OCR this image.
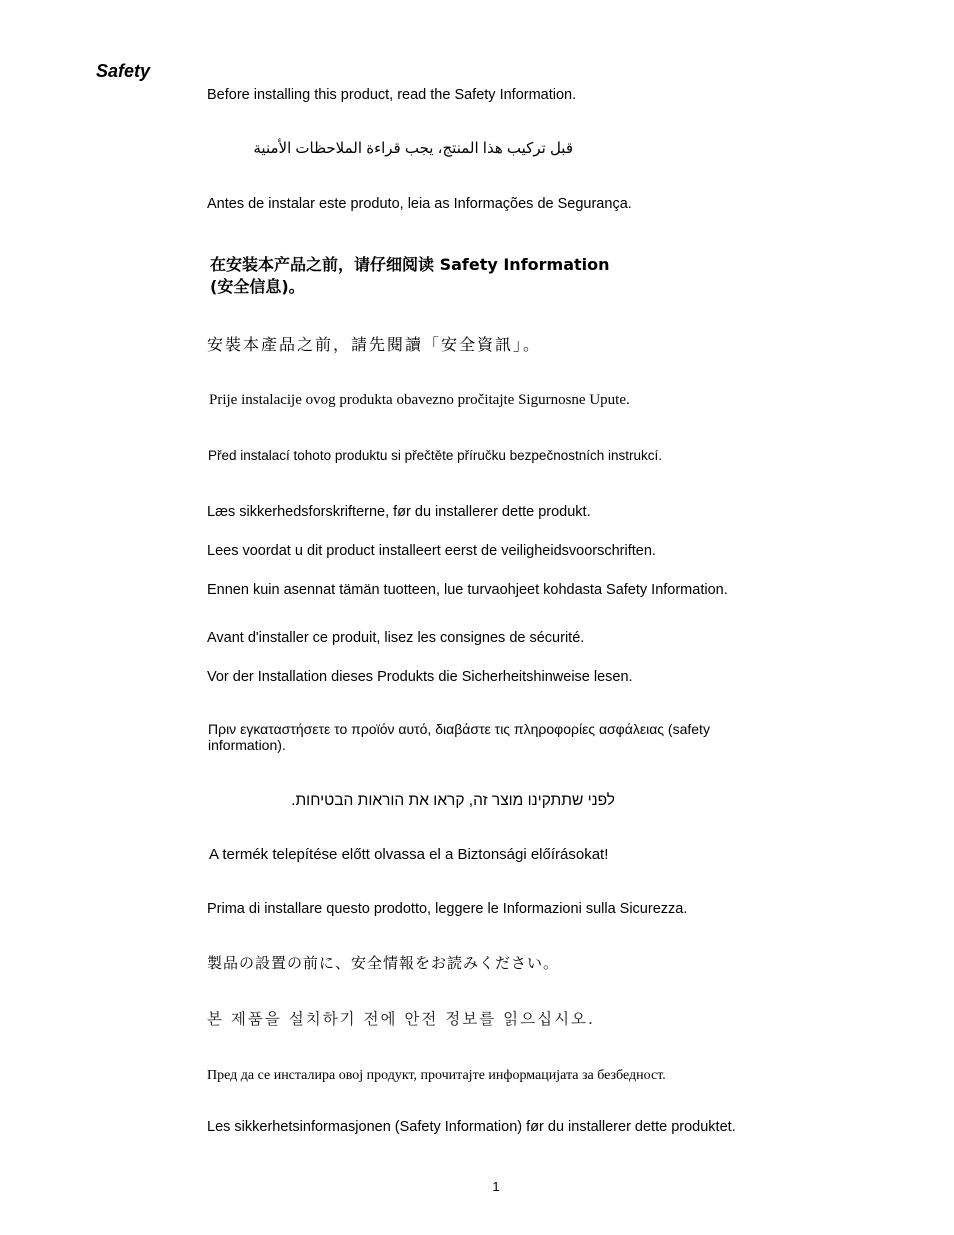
Safety

Before installing this product, read the Safety Information.

قبل تركيب هذا المنتج، يجب قراءة الملاحظات الأمنية

Antes de instalar este produto, leia as Informações de Segurança.

在安装本产品之前，请仔细阅读 Safety Information (安全信息)。

安裝本產品之前，請先閱讀「安全資訊」。

Prije instalacije ovog produkta obavezno pročitajte Sigurnosne Upute.

Před instalací tohoto produktu si přečtěte příručku bezpečnostních instrukcí.

Læs sikkerhedsforskrifterne, før du installerer dette produkt.

Lees voordat u dit product installeert eerst de veiligheidsvoorschriften.

Ennen kuin asennat tämän tuotteen, lue turvaohjeet kohdasta Safety Information.

Avant d'installer ce produit, lisez les consignes de sécurité.

Vor der Installation dieses Produkts die Sicherheitshinweise lesen.

Πριν εγκαταστήσετε το προϊόν αυτό, διαβάστε τις πληροφορίες ασφάλειας (safety information).

לפני שתתקינו מוצר זה, קראו את הוראות הבטיחות.

A termék telepítése előtt olvassa el a Biztonsági előírásokat!

Prima di installare questo prodotto, leggere le Informazioni sulla Sicurezza.

製品の設置の前に、安全情報をお読みください。

본 제품을 설치하기 전에 안전 정보를 읽으십시오.

Пред да се инсталира овој продукт, прочитајте информацијата за безбедност.

Les sikkerhetsinformasjonen (Safety Information) før du installerer dette produktet.

1
